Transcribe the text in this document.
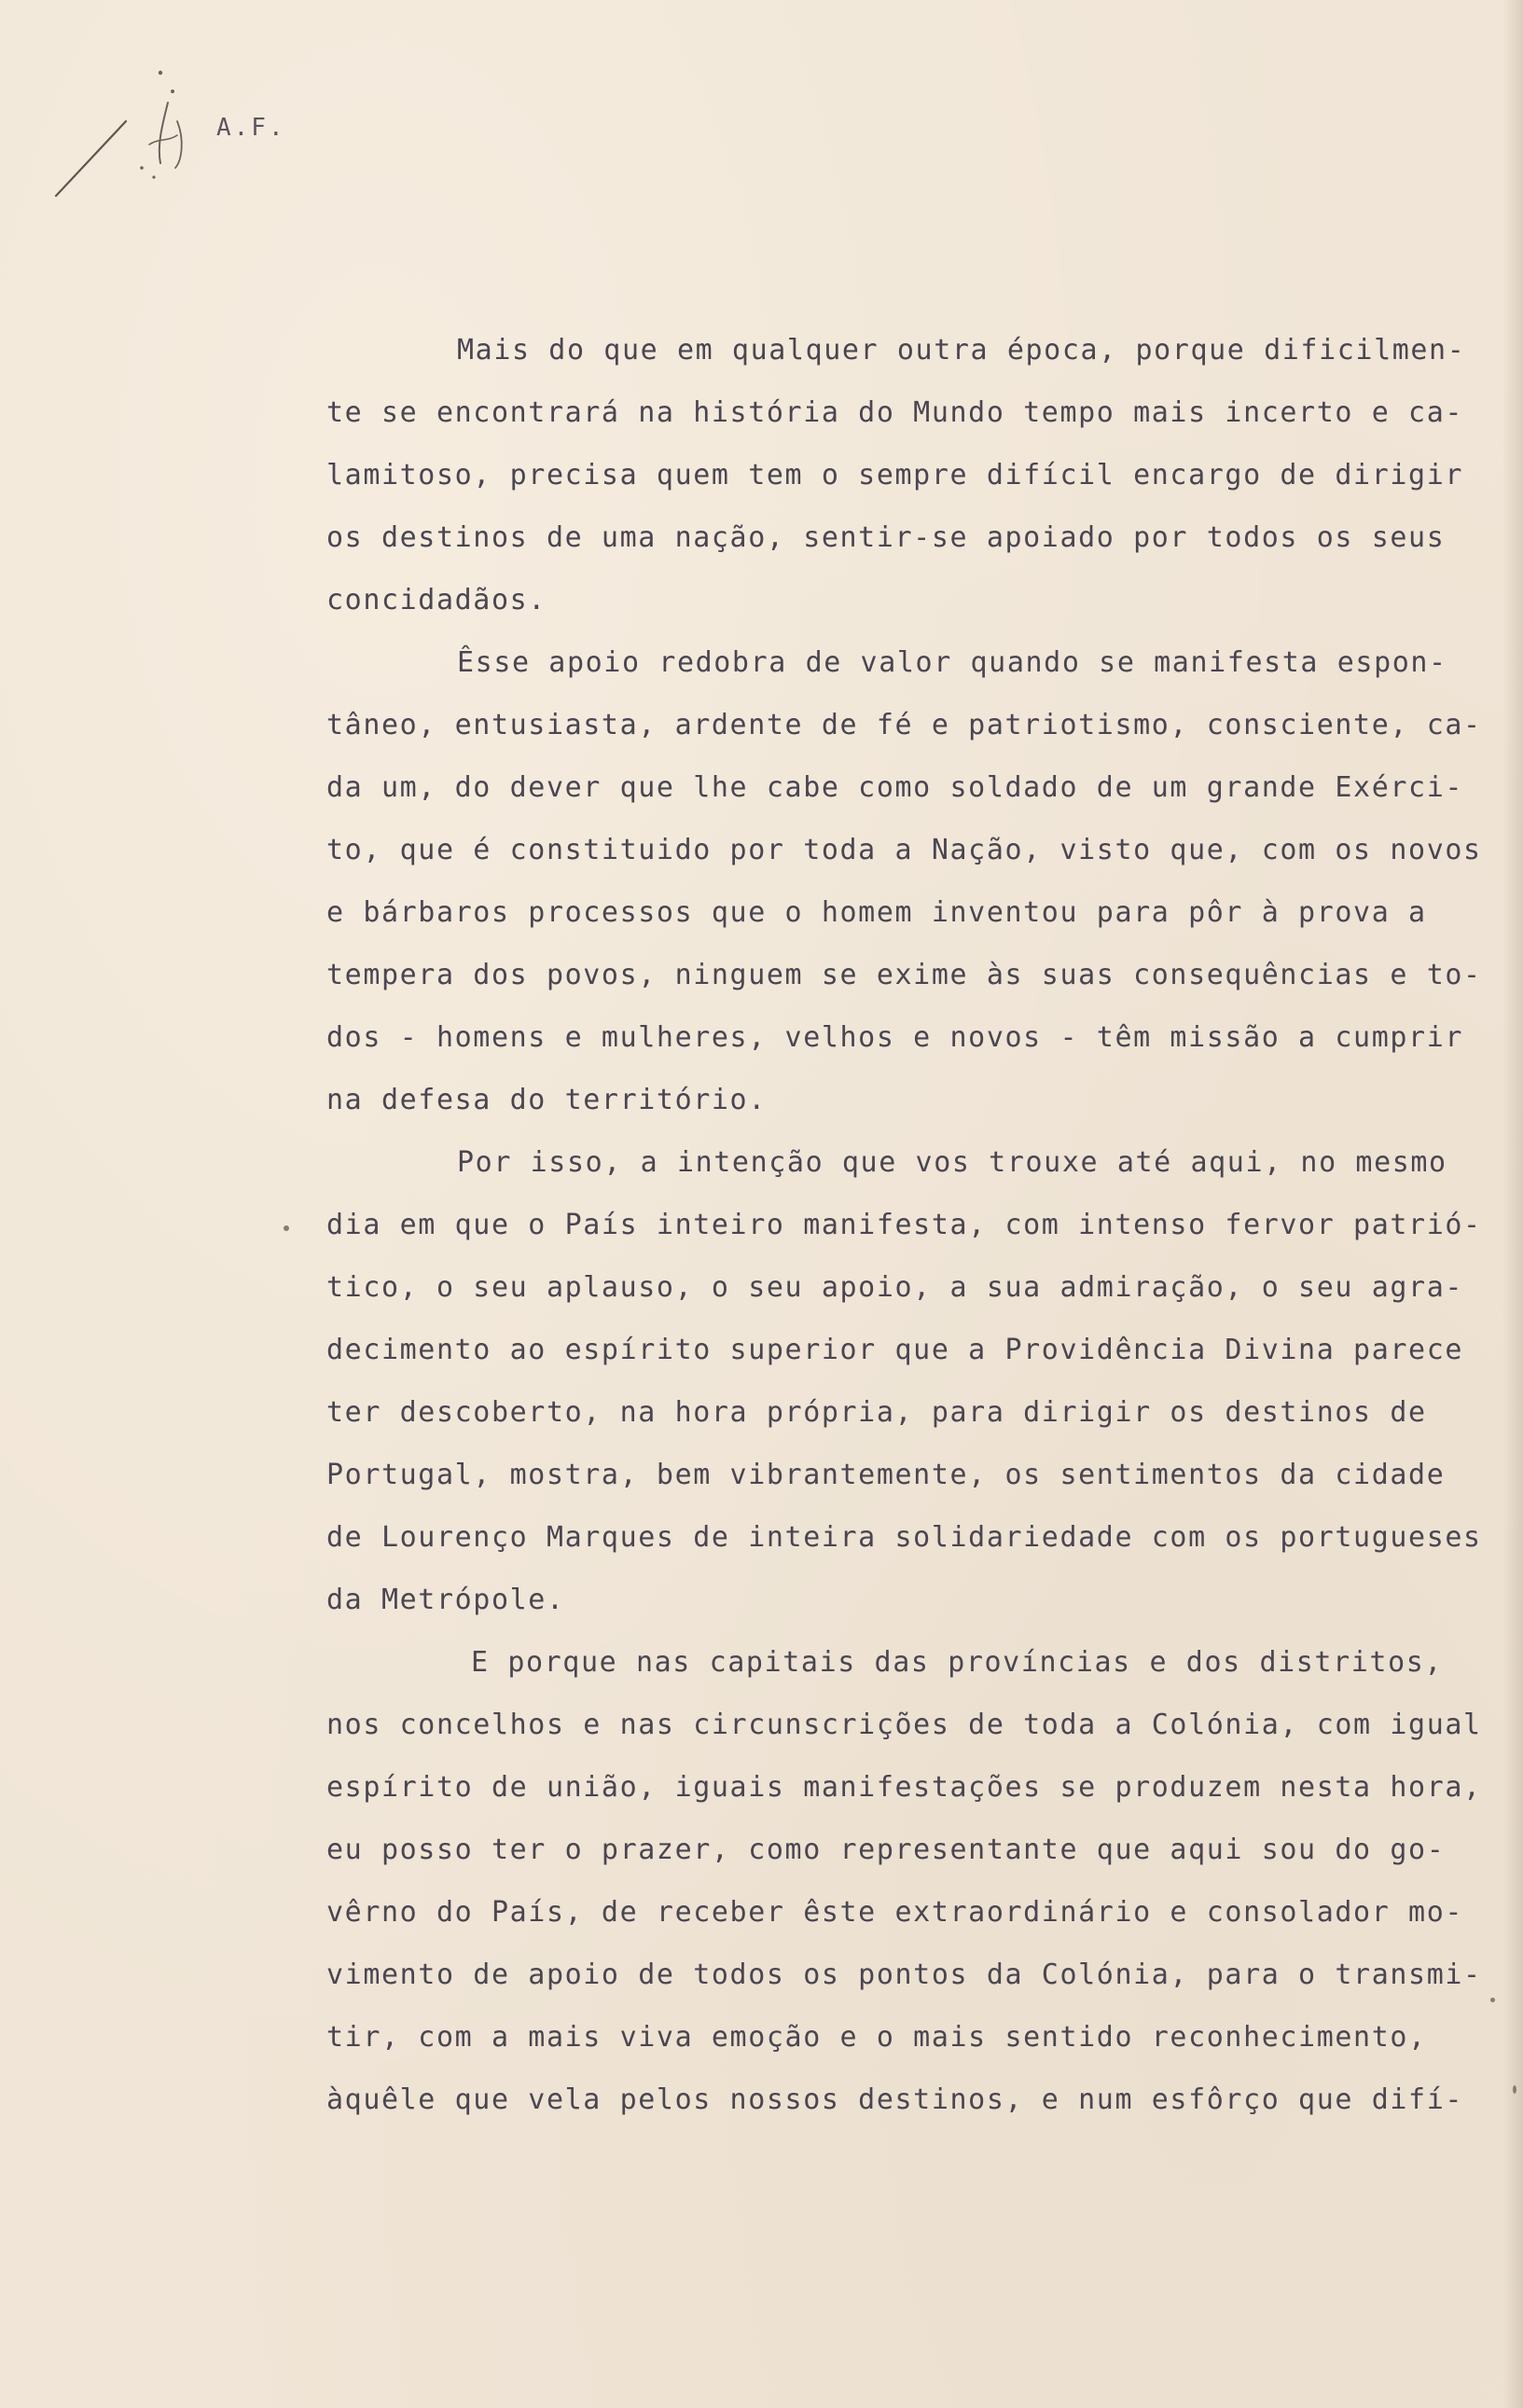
A.F.
Mais do que em qualquer outra época, porque dificilmen-
te se encontrará na história do Mundo tempo mais incerto e ca-
lamitoso, precisa quem tem o sempre difícil encargo de dirigir
os destinos de uma nação, sentir-se apoiado por todos os seus
concidadãos.
Êsse apoio redobra de valor quando se manifesta espon-
tâneo, entusiasta, ardente de fé e patriotismo, consciente, ca-
da um, do dever que lhe cabe como soldado de um grande Exérci-
to, que é constituido por toda a Nação, visto que, com os novos
e bárbaros processos que o homem inventou para pôr à prova a
tempera dos povos, ninguem se exime às suas consequências e to-
dos - homens e mulheres, velhos e novos - têm missão a cumprir
na defesa do território.
Por isso, a intenção que vos trouxe até aqui, no mesmo
dia em que o País inteiro manifesta, com intenso fervor patrió-
tico, o seu aplauso, o seu apoio, a sua admiração, o seu agra-
decimento ao espírito superior que a Providência Divina parece
ter descoberto, na hora própria, para dirigir os destinos de
Portugal, mostra, bem vibrantemente, os sentimentos da cidade
de Lourenço Marques de inteira solidariedade com os portugueses
da Metrópole.
E porque nas capitais das províncias e dos distritos,
nos concelhos e nas circunscrições de toda a Colónia, com igual
espírito de união, iguais manifestações se produzem nesta hora,
eu posso ter o prazer, como representante que aqui sou do go-
vêrno do País, de receber êste extraordinário e consolador mo-
vimento de apoio de todos os pontos da Colónia, para o transmi-
tir, com a mais viva emoção e o mais sentido reconhecimento,
àquêle que vela pelos nossos destinos, e num esfôrço que difí-
